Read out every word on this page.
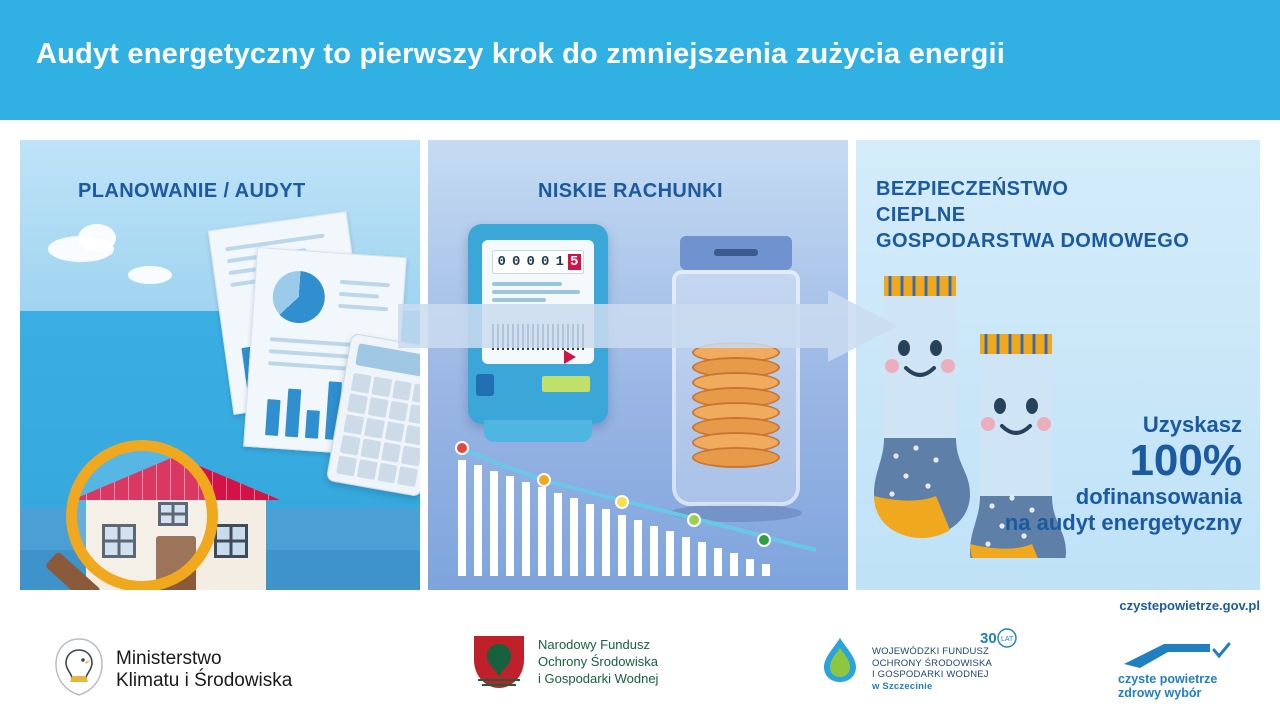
Audyt energetyczny to pierwszy krok do zmniejszenia zużycia energii
PLANOWANIE / AUDYT	NISKIE RACHUNKI
0 0 0 0 1 5
BEZPIECZEŃSTWO
CIEPLNE
GOSPODARSTWA DOMOWEGO
Uzyskasz
100%
dofinansowania
na audyt energetyczny
czystepowietrze.gov.pl
Ministerstwo
Klimatu i Środowiska
Narodowy Fundusz
Ochrony Środowiska
i Gospodarki Wodnej
30 LAT
WOJEWÓDZKI FUNDUSZ
OCHRONY ŚRODOWISKA
I GOSPODARKI WODNEJ
w Szczecinie	czyste powietrze
zdrowy wybór
